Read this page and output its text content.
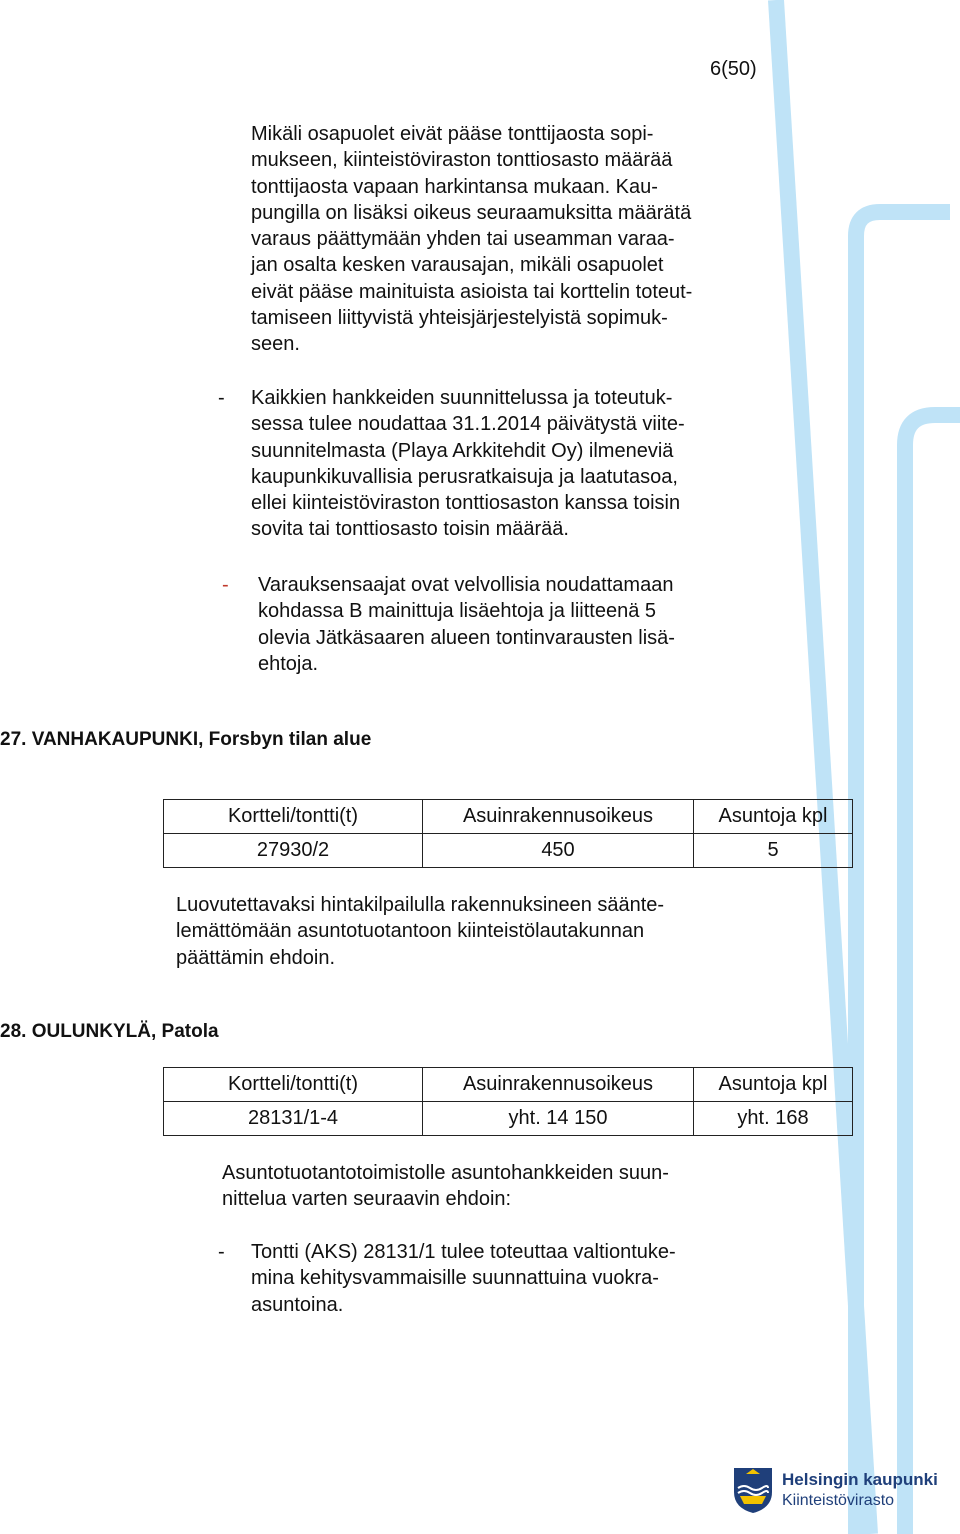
6(50)
Mikäli osapuolet eivät pääse tonttijaosta sopi-
mukseen, kiinteistöviraston tonttiosasto määrää
tonttijaosta vapaan harkintansa mukaan. Kau-
pungilla on lisäksi oikeus seuraamuksitta määrätä
varaus päättymään yhden tai useamman varaa-
jan osalta kesken varausajan, mikäli osapuolet
eivät pääse mainituista asioista tai korttelin toteut-
tamiseen liittyvistä yhteisjärjestelyistä sopimuk-
seen.
- Kaikkien hankkeiden suunnittelussa ja toteutuk-
sessa tulee noudattaa 31.1.2014 päivätystä viite-
suunnitelmasta (Playa Arkkitehdit Oy) ilmeneviä
kaupunkikuvallisia perusratkaisuja ja laatutasoa,
ellei kiinteistöviraston tonttiosaston kanssa toisin
sovita tai tonttiosasto toisin määrää.
- Varauksensaajat ovat velvollisia noudattamaan
kohdassa B mainittuja lisäehtoja ja liitteenä 5
olevia Jätkäsaaren alueen tontinvarausten lisä-
ehtoja.
27. VANHAKAUPUNKI, Forsbyn tilan alue
Kortteli/tontti(t)	Asuinrakennusoikeus	Asuntoja kpl
27930/2	450	5
Luovutettavaksi hintakilpailulla rakennuksineen sääntе-
lemättömään asuntotuotantoon kiinteistölautakunnan
päättämin ehdoin.
28. OULUNKYLÄ, Patola
Kortteli/tontti(t)	Asuinrakennusoikeus	Asuntoja kpl
28131/1-4	yht. 14 150	yht. 168
Asuntotuotantotoimistolle asuntohankkeiden suun-
nittelua varten seuraavin ehdoin:
- Tontti (AKS) 28131/1 tulee toteuttaa valtiontuke-
mina kehitysvammaisille suunnattuina vuokra-
asuntoina.
Helsingin kaupunki
Kiinteistövirasto
